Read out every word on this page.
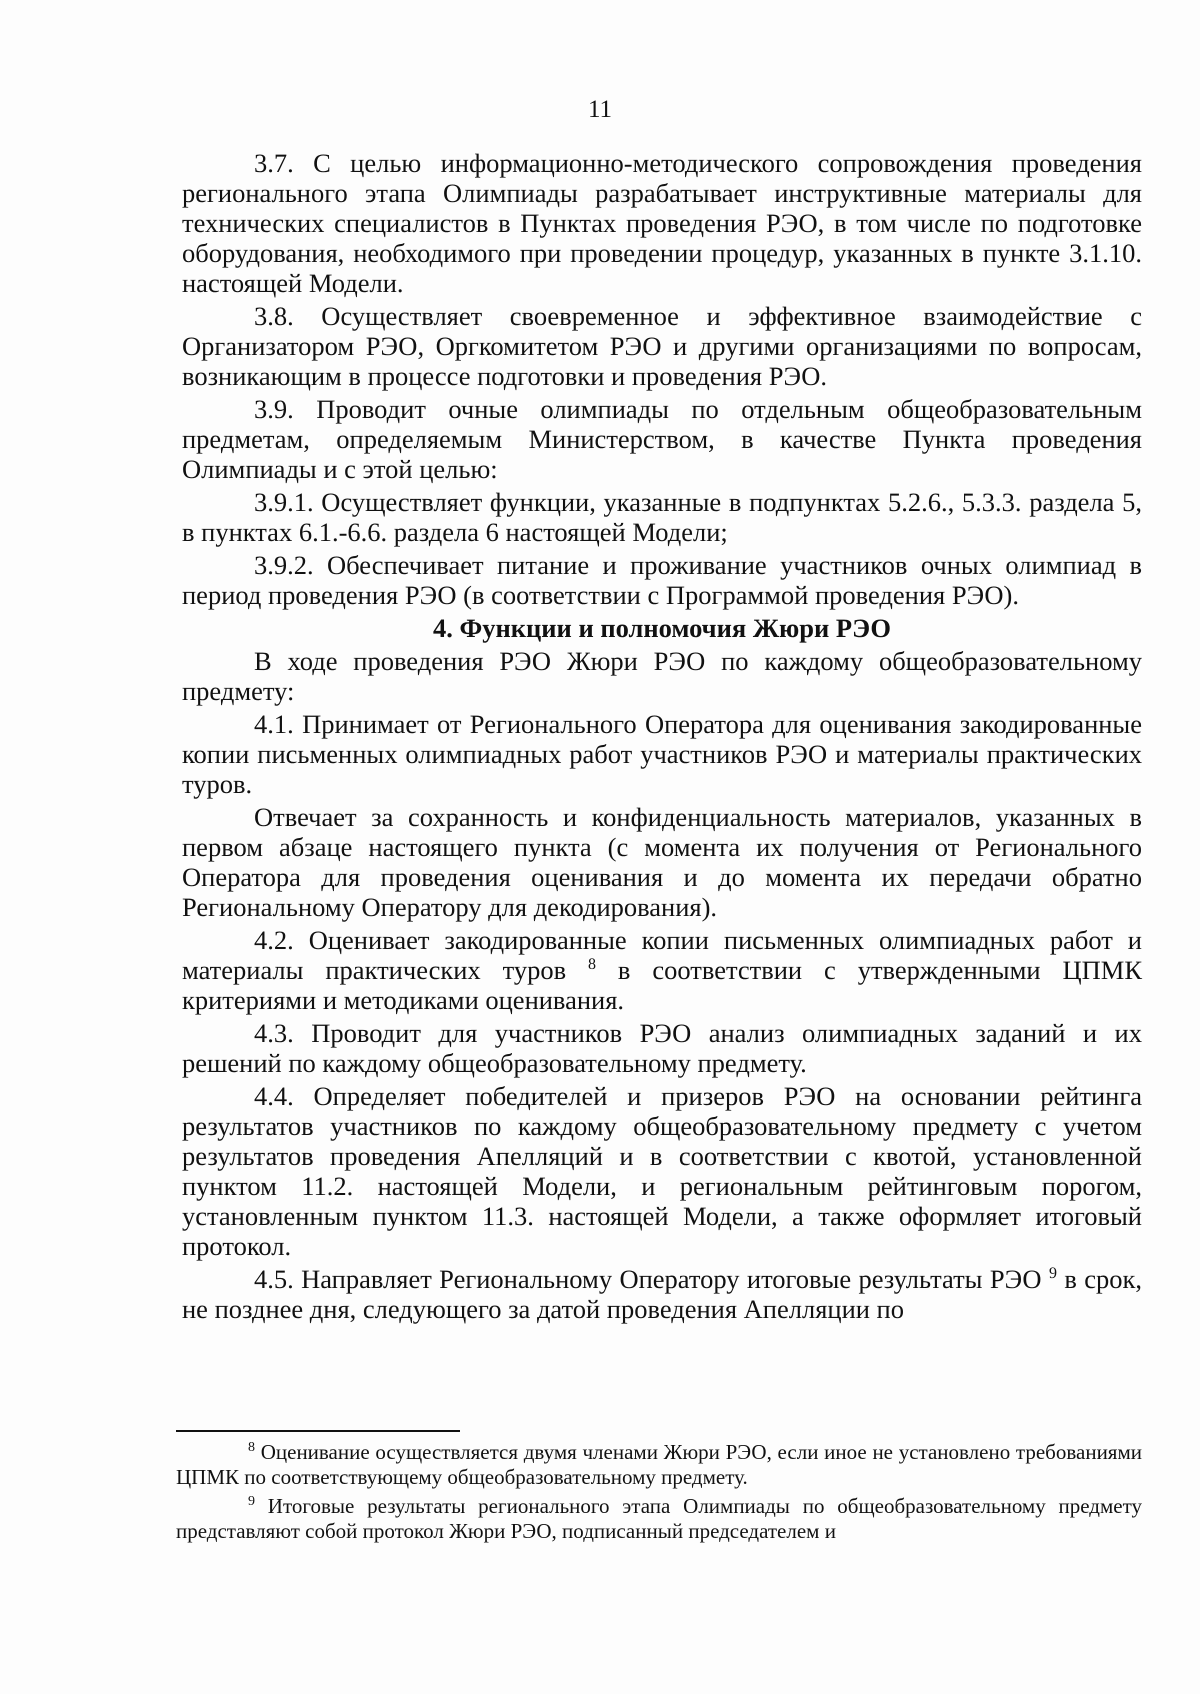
11

3.7. С целью информационно-методического сопровождения проведения регионального этапа Олимпиады разрабатывает инструктивные материалы для технических специалистов в Пунктах проведения РЭО, в том числе по подготовке оборудования, необходимого при проведении процедур, указанных в пункте 3.1.10. настоящей Модели.

3.8. Осуществляет своевременное и эффективное взаимодействие с Организатором РЭО, Оргкомитетом РЭО и другими организациями по вопросам, возникающим в процессе подготовки и проведения РЭО.

3.9. Проводит очные олимпиады по отдельным общеобразовательным предметам, определяемым Министерством, в качестве Пункта проведения Олимпиады и с этой целью:

3.9.1. Осуществляет функции, указанные в подпунктах 5.2.6., 5.3.3. раздела 5, в пунктах 6.1.-6.6. раздела 6 настоящей Модели;

3.9.2. Обеспечивает питание и проживание участников очных олимпиад в период проведения РЭО (в соответствии с Программой проведения РЭО).

4. Функции и полномочия Жюри РЭО

В ходе проведения РЭО Жюри РЭО по каждому общеобразовательному предмету:

4.1. Принимает от Регионального Оператора для оценивания закодированные копии письменных олимпиадных работ участников РЭО и материалы практических туров.

Отвечает за сохранность и конфиденциальность материалов, указанных в первом абзаце настоящего пункта (с момента их получения от Регионального Оператора для проведения оценивания и до момента их передачи обратно Региональному Оператору для декодирования).

4.2. Оценивает закодированные копии письменных олимпиадных работ и материалы практических туров $^8$ в соответствии с утвержденными ЦПМК критериями и методиками оценивания.

4.3. Проводит для участников РЭО анализ олимпиадных заданий и их решений по каждому общеобразовательному предмету.

4.4. Определяет победителей и призеров РЭО на основании рейтинга результатов участников по каждому общеобразовательному предмету с учетом результатов проведения Апелляций и в соответствии с квотой, установленной пунктом 11.2. настоящей Модели, и региональным рейтинговым порогом, установленным пунктом 11.3. настоящей Модели, а также оформляет итоговый протокол.

4.5. Направляет Региональному Оператору итоговые результаты РЭО $^9$ в срок, не позднее дня, следующего за датой проведения Апелляции по

$^8$ Оценивание осуществляется двумя членами Жюри РЭО, если иное не установлено требованиями ЦПМК по соответствующему общеобразовательному предмету.

$^9$ Итоговые результаты регионального этапа Олимпиады по общеобразовательному предмету представляют собой протокол Жюри РЭО, подписанный председателем и
